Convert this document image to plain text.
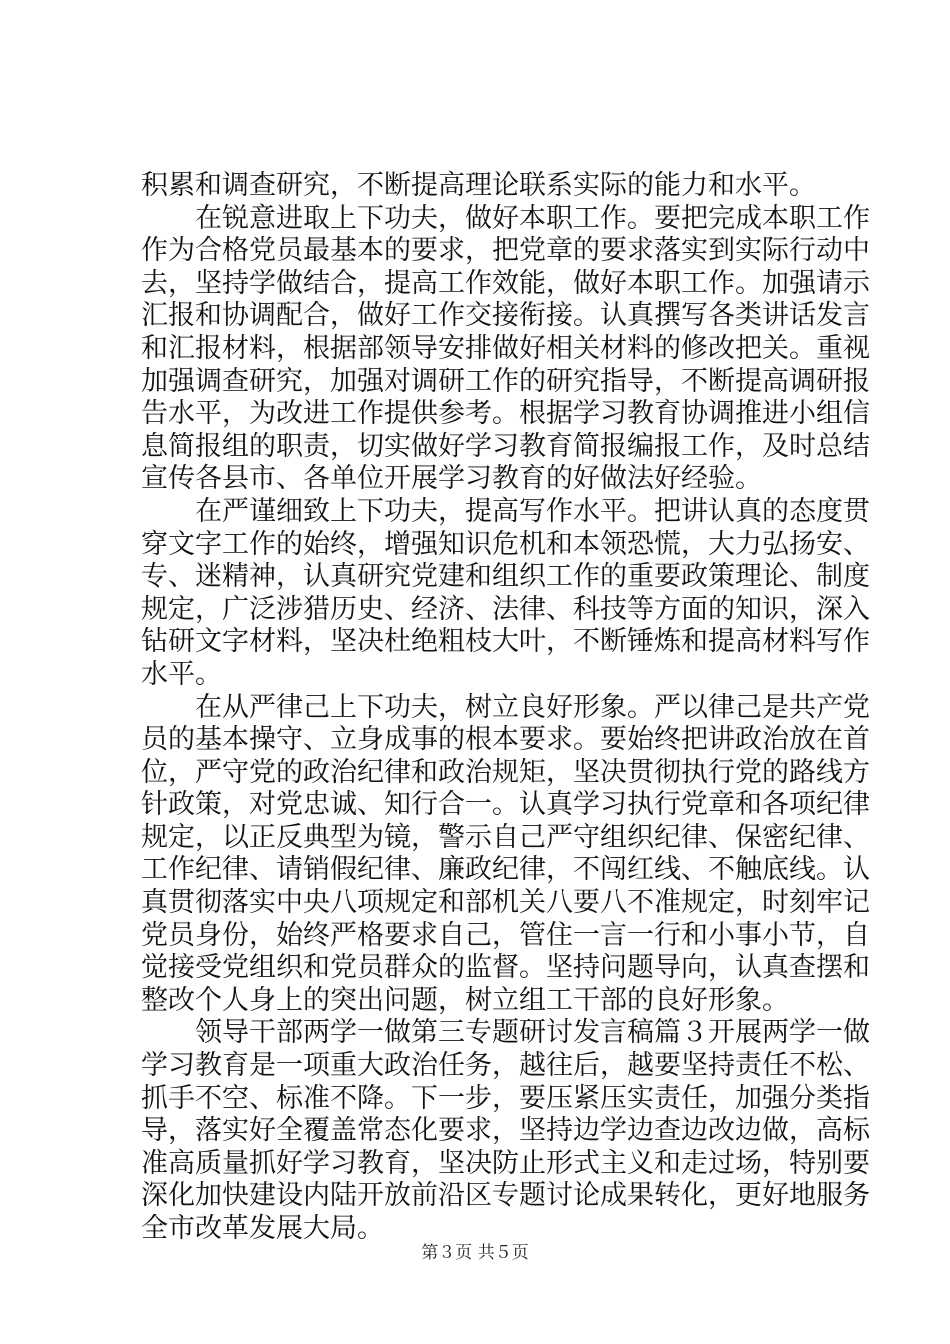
积累和调查研究，不断提高理论联系实际的能力和水平。
在锐意进取上下功夫，做好本职工作。要把完成本职工作
作为合格党员最基本的要求，把党章的要求落实到实际行动中
去，坚持学做结合，提高工作效能，做好本职工作。加强请示
汇报和协调配合，做好工作交接衔接。认真撰写各类讲话发言
和汇报材料，根据部领导安排做好相关材料的修改把关。重视
加强调查研究，加强对调研工作的研究指导，不断提高调研报
告水平，为改进工作提供参考。根据学习教育协调推进小组信
息简报组的职责，切实做好学习教育简报编报工作，及时总结
宣传各县市、各单位开展学习教育的好做法好经验。
在严谨细致上下功夫，提高写作水平。把讲认真的态度贯
穿文字工作的始终，增强知识危机和本领恐慌，大力弘扬安、
专、迷精神，认真研究党建和组织工作的重要政策理论、制度
规定，广泛涉猎历史、经济、法律、科技等方面的知识，深入
钻研文字材料，坚决杜绝粗枝大叶，不断锤炼和提高材料写作
水平。
在从严律己上下功夫，树立良好形象。严以律己是共产党
员的基本操守、立身成事的根本要求。要始终把讲政治放在首
位，严守党的政治纪律和政治规矩，坚决贯彻执行党的路线方
针政策，对党忠诚、知行合一。认真学习执行党章和各项纪律
规定，以正反典型为镜，警示自己严守组织纪律、保密纪律、
工作纪律、请销假纪律、廉政纪律，不闯红线、不触底线。认
真贯彻落实中央八项规定和部机关八要八不准规定，时刻牢记
党员身份，始终严格要求自己，管住一言一行和小事小节，自
觉接受党组织和党员群众的监督。坚持问题导向，认真查摆和
整改个人身上的突出问题，树立组工干部的良好形象。
领导干部两学一做第三专题研讨发言稿篇３开展两学一做
学习教育是一项重大政治任务，越往后，越要坚持责任不松、
抓手不空、标准不降。下一步，要压紧压实责任，加强分类指
导，落实好全覆盖常态化要求，坚持边学边查边改边做，高标
准高质量抓好学习教育，坚决防止形式主义和走过场，特别要
深化加快建设内陆开放前沿区专题讨论成果转化，更好地服务
全市改革发展大局。
第３页 共５页
